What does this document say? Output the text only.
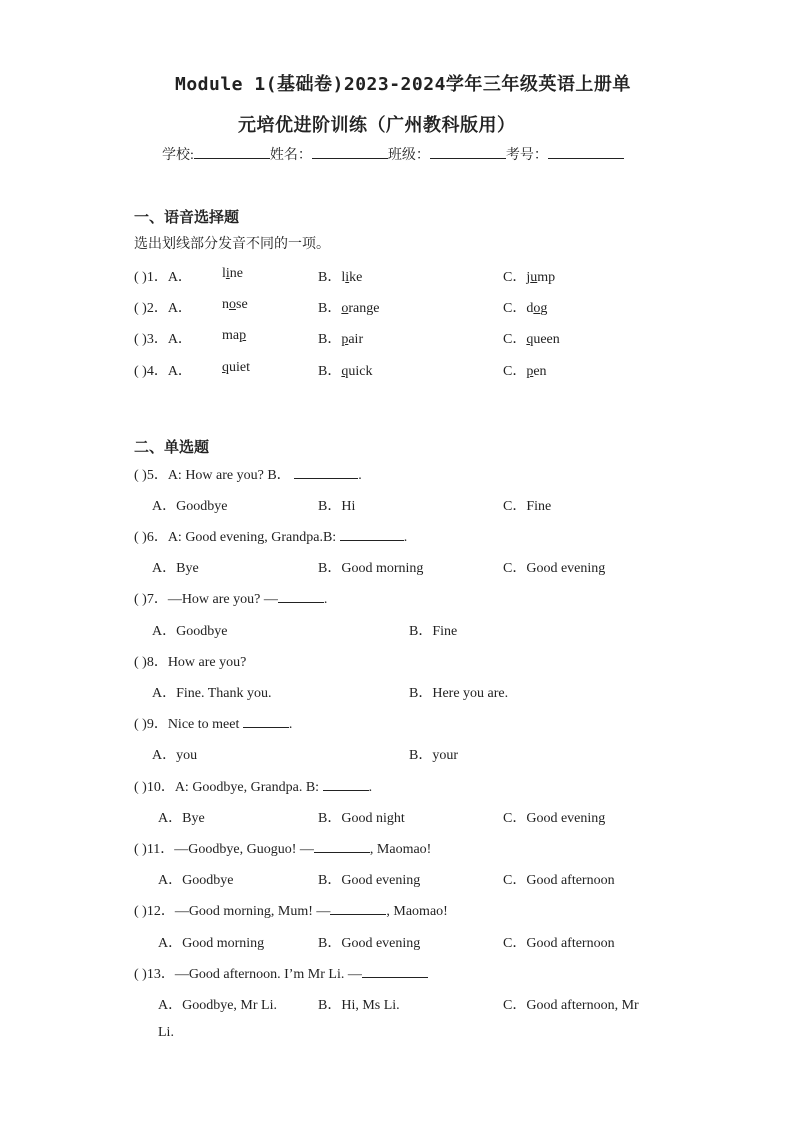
Module 1(基础卷)2023-2024学年三年级英语上册单
元培优进阶训练（广州教科版用）
学校:	姓名：	班级：	考号：
一、语音选择题
选出划线部分发音不同的一项。
( )1．A． line	B．like	C．jump
( )2．A． nose	B．orange	C．dog
( )3．A． map	B．pair	C．queen
( )4．A． quiet	B．quick	C．pen
二、单选题
( )5．A: How are you? B．	.
A．Goodbye	B．Hi	C．Fine
( )6．A: Good evening, Grandpa.B:	.
A．Bye	B．Good morning	C．Good evening
( )7．—How are you? —	.
A．Goodbye	B．Fine
( )8．How are you?
A．Fine. Thank you.	B．Here you are.
( )9．Nice to meet	.
A．you	B．your
( )10．A: Goodbye, Grandpa. B:	.
A．Bye	B．Good night	C．Good evening
( )11．—Goodbye, Guoguo! —	, Maomao!
A．Goodbye	B．Good evening	C．Good afternoon
( )12．—Good morning, Mum! —	, Maomao!
A．Good morning	B．Good evening	C．Good afternoon
( )13．—Good afternoon. I’m Mr Li. —
A．Goodbye, Mr Li.	B．Hi, Ms Li.	C．Good afternoon, Mr
Li.
